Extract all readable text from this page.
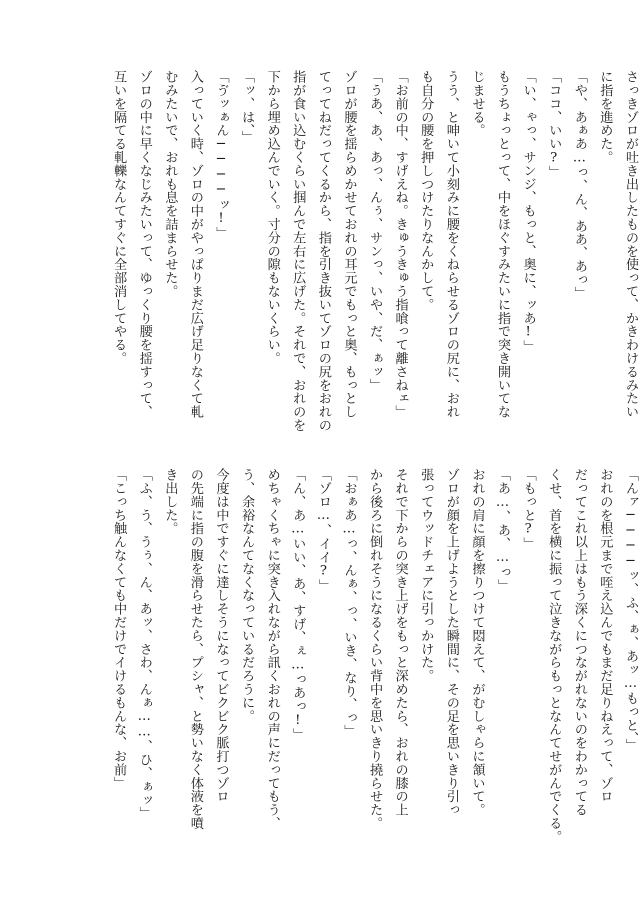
さっきゾロが吐き出したものを使って、かきわけるみたい
に指を進めた。
「や、あぁあ…っ、ん、ああ、あっ」
「ココ、いい?」
「い、ゃっ、サンジ、もっと、奥に、ッあ!」
もうちょっとって、中をほぐすみたいに指で突き開いてな
じませる。
うう、と呻いて小刻みに腰をくねらせるゾロの尻に、おれ
も自分の腰を押しつけたりなんかして。
「お前の中、すげえね。きゅうきゅう指喰って離さねェ」
「うあ、あ、あっ、んぅ、サンっ、いや、だ、ぁッ」
ゾロが腰を揺らめかせておれの耳元でもっと奥、もっとし
てってねだってくるから、指を引き抜いてゾロの尻をおれの
指が食い込むくらい掴んで左右に広げた。それで、おれのを
下から埋め込んでいく。寸分の隙もないくらい。
「ッ、は、」
「ゔッぁん────ッ!」
入っていく時、ゾロの中がやっぱりまだ広げ足りなくて軋
むみたいで、おれも息を詰まらせた。
ゾロの中に早くなじみたいって、ゆっくり腰を揺すって、
互いを隔てる軋轢なんてすぐに全部消してやる。
「んァ────ッ、ふ、ぁ、あッ…もっと、」
おれのを根元まで咥え込んでもまだ足りねえって、ゾロ
だってこれ以上はもう深くにつながれないのをわかってる
くせ、首を横に振って泣きながらもっとなんてせがんでくる。
「もっと?」
「あ…、あ、…っ」
おれの肩に顔を擦りつけて悶えて、がむしゃらに頷いて。
ゾロが顔を上げようとした瞬間に、その足を思いきり引っ
張ってウッドチェアに引っかけた。
それで下からの突き上げをもっと深めたら、おれの膝の上
から後ろに倒れそうになるくらい背中を思いきり撓らせた。
「おぁあ…っ、んぁ、っ、いき、なり、っ」
「ゾロ…、イイ?」
「ん、あ…いい、あ、すげ、ぇ…っあっ!」
めちゃくちゃに突き入れながら訊くおれの声にだってもう、
う、余裕なんてなくなっているだろうに。
今度は中ですぐに達しそうになってビクビク脈打つゾロ
の先端に指の腹を滑らせたら、プシャ、と勢いなく体液を噴
き出した。
「ふ、う、うぅ、ん、あッ、さわ、んぁ……、ひ、ぁッ」
「こっち触んなくても中だけでイけるもんな、お前」
